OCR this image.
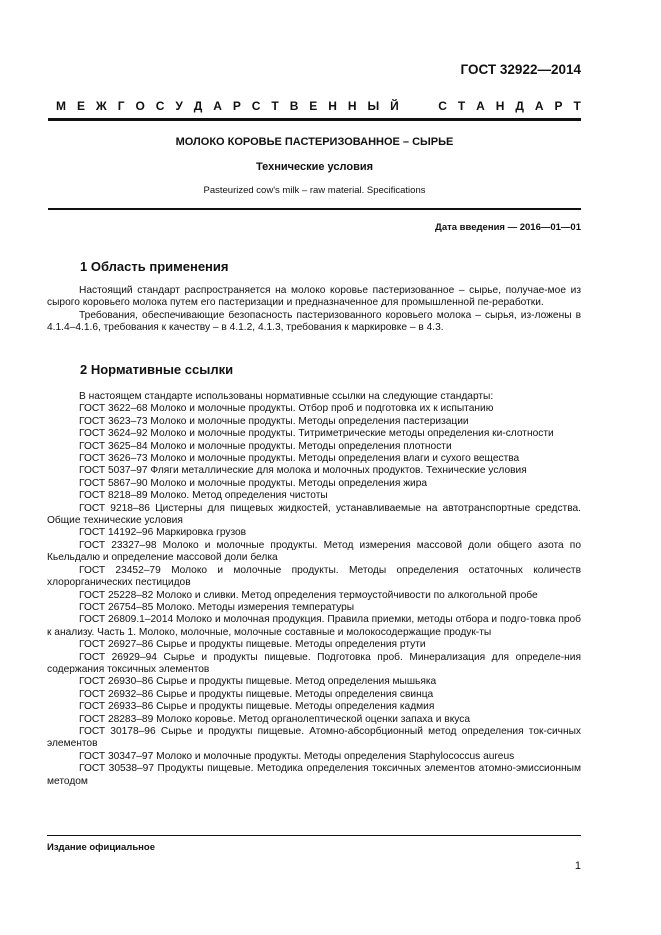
ГОСТ 32922—2014
М Е Ж Г О С У Д А Р С Т В Е Н Н Ы Й

	С Т А Н Д А Р Т
МОЛОКО КОРОВЬЕ ПАСТЕРИЗОВАННОЕ – СЫРЬЕ
Технические условия
Pasteurized cow's milk – raw material. Specifications
Дата введения — 2016—01—01
1 Область применения

Настоящий стандарт распространяется на молоко коровье пастеризованное – сырье, получае-мое из сырого коровьего молока путем его пастеризации и предназначенное для промышленной пе-реработки.

Требования, обеспечивающие безопасность пастеризованного коровьего молока – сырья, из-ложены в 4.1.4–4.1.6, требования к качеству – в 4.1.2, 4.1.3, требования к маркировке – в 4.3.

2 Нормативные ссылки

В настоящем стандарте использованы нормативные ссылки на следующие стандарты:

ГОСТ 3622–68 Молоко и молочные продукты. Отбор проб и подготовка их к испытанию

ГОСТ 3623–73 Молоко и молочные продукты. Методы определения пастеризации

ГОСТ 3624–92 Молоко и молочные продукты. Титриметрические методы определения ки-слотности

ГОСТ 3625–84 Молоко и молочные продукты. Методы определения плотности

ГОСТ 3626–73 Молоко и молочные продукты. Методы определения влаги и сухого вещества

ГОСТ 5037–97 Фляги металлические для молока и молочных продуктов. Технические условия

ГОСТ 5867–90 Молоко и молочные продукты. Методы определения жира

ГОСТ 8218–89 Молоко. Метод определения чистоты

ГОСТ 9218–86 Цистерны для пищевых жидкостей, устанавливаемые на автотранспортные средства. Общие технические условия

ГОСТ 14192–96 Маркировка грузов

ГОСТ 23327–98 Молоко и молочные продукты. Метод измерения массовой доли общего азота по Кьельдалю и определение массовой доли белка

ГОСТ 23452–79 Молоко и молочные продукты. Методы определения остаточных количеств хлорорганических пестицидов

ГОСТ 25228–82 Молоко и сливки. Метод определения термоустойчивости по алкогольной пробе

ГОСТ 26754–85 Молоко. Методы измерения температуры

ГОСТ 26809.1–2014 Молоко и молочная продукция. Правила приемки, методы отбора и подго-товка проб к анализу. Часть 1. Молоко, молочные, молочные составные и молокосодержащие продук-ты

ГОСТ 26927–86 Сырье и продукты пищевые. Методы определения ртути

ГОСТ 26929–94 Сырье и продукты пищевые. Подготовка проб. Минерализация для определе-ния содержания токсичных элементов

ГОСТ 26930–86 Сырье и продукты пищевые. Метод определения мышьяка

ГОСТ 26932–86 Сырье и продукты пищевые. Методы определения свинца

ГОСТ 26933–86 Сырье и продукты пищевые. Методы определения кадмия

ГОСТ 28283–89 Молоко коровье. Метод органолептической оценки запаха и вкуса

ГОСТ 30178–96 Сырье и продукты пищевые. Атомно-абсорбционный метод определения ток-сичных элементов

ГОСТ 30347–97 Молоко и молочные продукты. Методы определения Staphylococcus aureus

ГОСТ 30538–97 Продукты пищевые. Методика определения токсичных элементов атомно-эмиссионным методом

Издание официальное
1
